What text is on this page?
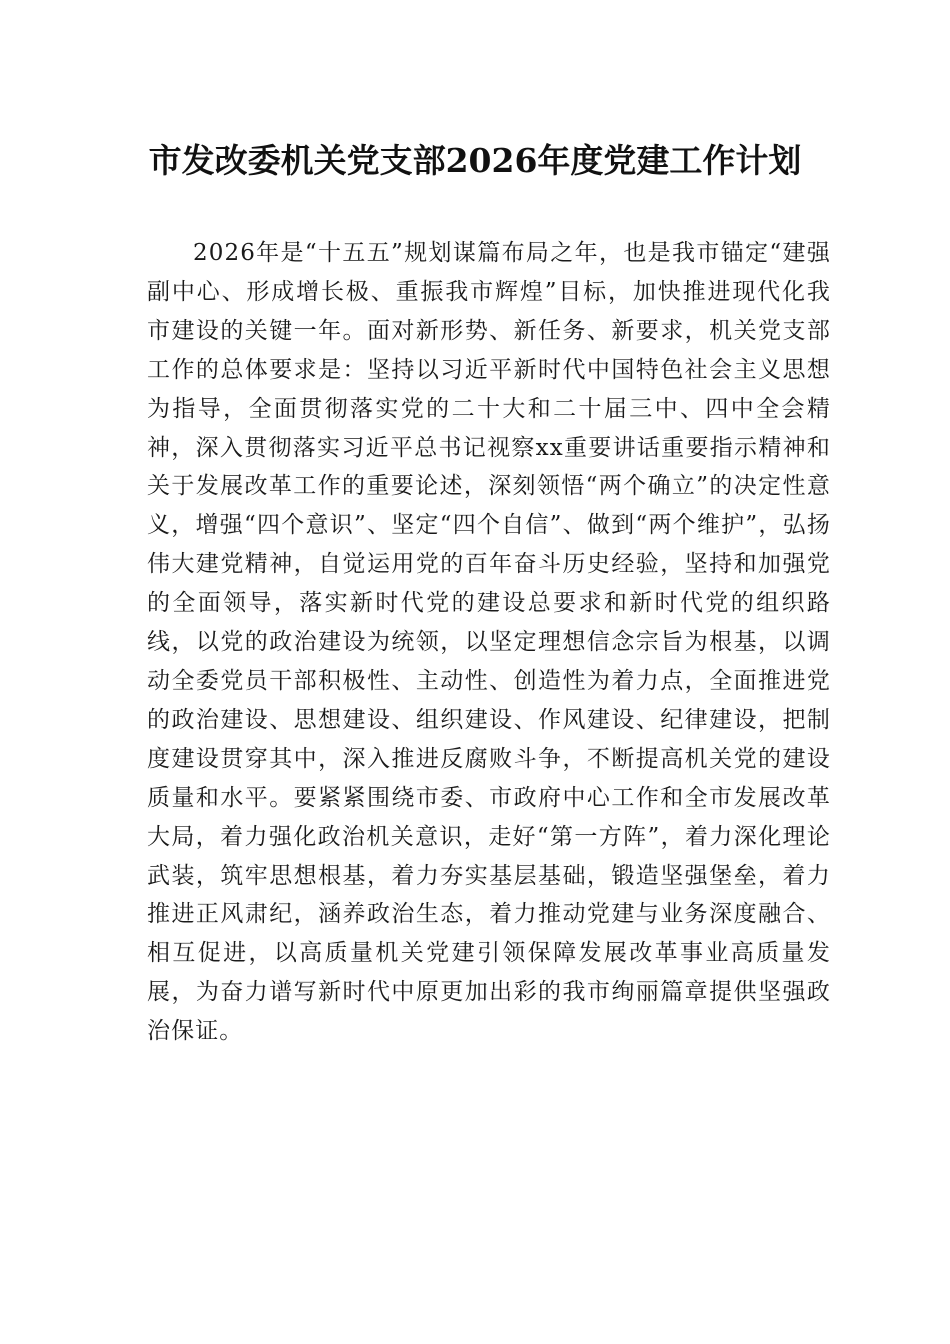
市发改委机关党支部2026年度党建工作计划

2026年是“十五五”规划谋篇布局之年，也是我市锚定“建强副中心、形成增长极、重振我市辉煌”目标，加快推进现代化我市建设的关键一年。面对新形势、新任务、新要求，机关党支部工作的总体要求是：坚持以习近平新时代中国特色社会主义思想为指导，全面贯彻落实党的二十大和二十届三中、四中全会精神，深入贯彻落实习近平总书记视察xx重要讲话重要指示精神和关于发展改革工作的重要论述，深刻领悟“两个确立”的决定性意义，增强“四个意识”、坚定“四个自信”、做到“两个维护”，弘扬伟大建党精神，自觉运用党的百年奋斗历史经验，坚持和加强党的全面领导，落实新时代党的建设总要求和新时代党的组织路线，以党的政治建设为统领，以坚定理想信念宗旨为根基，以调动全委党员干部积极性、主动性、创造性为着力点，全面推进党的政治建设、思想建设、组织建设、作风建设、纪律建设，把制度建设贯穿其中，深入推进反腐败斗争，不断提高机关党的建设质量和水平。要紧紧围绕市委、市政府中心工作和全市发展改革大局，着力强化政治机关意识，走好“第一方阵”，着力深化理论武装，筑牢思想根基，着力夯实基层基础，锻造坚强堡垒，着力推进正风肃纪，涵养政治生态，着力推动党建与业务深度融合、相互促进，以高质量机关党建引领保障发展改革事业高质量发展，为奋力谱写新时代中原更加出彩的我市绚丽篇章提供坚强政治保证。
